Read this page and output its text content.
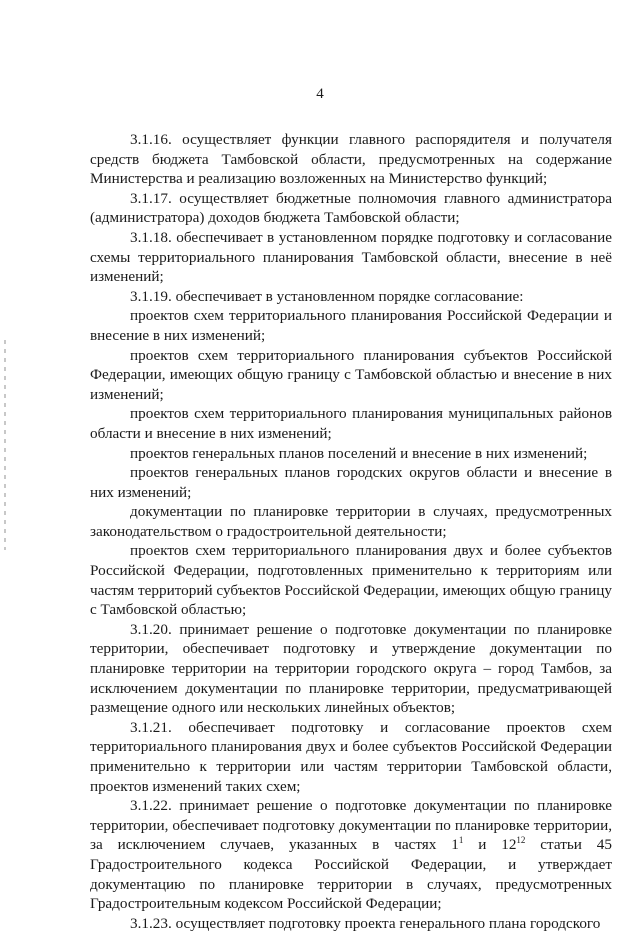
4

3.1.16. осуществляет функции главного распорядителя и получателя средств бюджета Тамбовской области, предусмотренных на содержание Министерства и реализацию возложенных на Министерство функций;

3.1.17. осуществляет бюджетные полномочия главного администратора (администратора) доходов бюджета Тамбовской области;

3.1.18. обеспечивает в установленном порядке подготовку и согласование схемы территориального планирования Тамбовской области, внесение в неё изменений;

3.1.19. обеспечивает в установленном порядке согласование:

проектов схем территориального планирования Российской Федерации и внесение в них изменений;

проектов схем территориального планирования субъектов Российской Федерации, имеющих общую границу с Тамбовской областью и внесение в них изменений;

проектов схем территориального планирования муниципальных районов области и внесение в них изменений;

проектов генеральных планов поселений и внесение в них изменений;

проектов генеральных планов городских округов области и внесение в них изменений;

документации по планировке территории в случаях, предусмотренных законодательством о градостроительной деятельности;

проектов схем территориального планирования двух и более субъектов Российской Федерации, подготовленных применительно к территориям или частям территорий субъектов Российской Федерации, имеющих общую границу с Тамбовской областью;

3.1.20. принимает решение о подготовке документации по планировке территории, обеспечивает подготовку и утверждение документации по планировке территории на территории городского округа – город Тамбов, за исключением документации по планировке территории, предусматривающей размещение одного или нескольких линейных объектов;

3.1.21. обеспечивает подготовку и согласование проектов схем территориального планирования двух и более субъектов Российской Федерации применительно к территории или частям территории Тамбовской области, проектов изменений таких схем;

3.1.22. принимает решение о подготовке документации по планировке территории, обеспечивает подготовку документации по планировке территории, за исключением случаев, указанных в частях $1^1$ и $12^{12}$ статьи 45 Градостроительного кодекса Российской Федерации, и утверждает документацию по планировке территории в случаях, предусмотренных Градостроительным кодексом Российской Федерации;

3.1.23. осуществляет подготовку проекта генерального плана городского
